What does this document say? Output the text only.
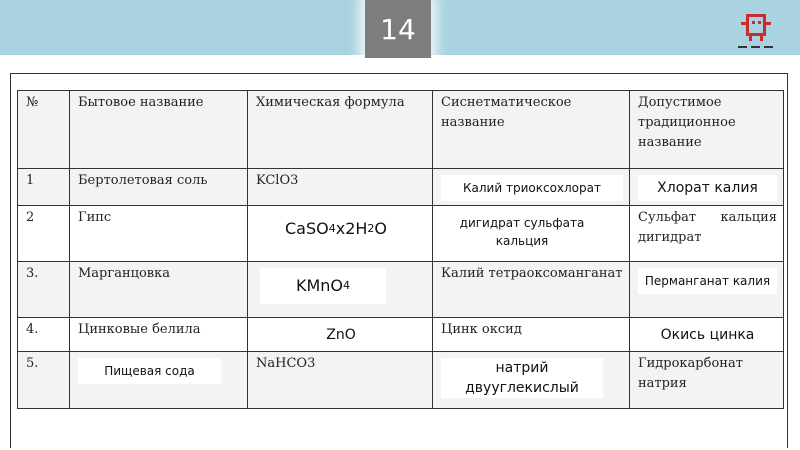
14
№	Бытовое название	Химическая формула	Сиснетматическое название	Допустимое традиционное название
1	Бертолетовая соль	KClO3	Калий триоксохлорат	Хлорат калия

2	Гипс	CaSO 4 x2H 2 O	дигидрат сульфата кальция	Сульфат кальция дигидрат
3.	Марганцовка	KMnO 4	Калий тетраоксоманганат	Перманганат калия

4.	Цинковые белила	ZnO	Цинк оксид	Окись цинка

5.	Пищевая сода	NaHCO3	натрий двууглекислый	Гидрокарбонат натрия
